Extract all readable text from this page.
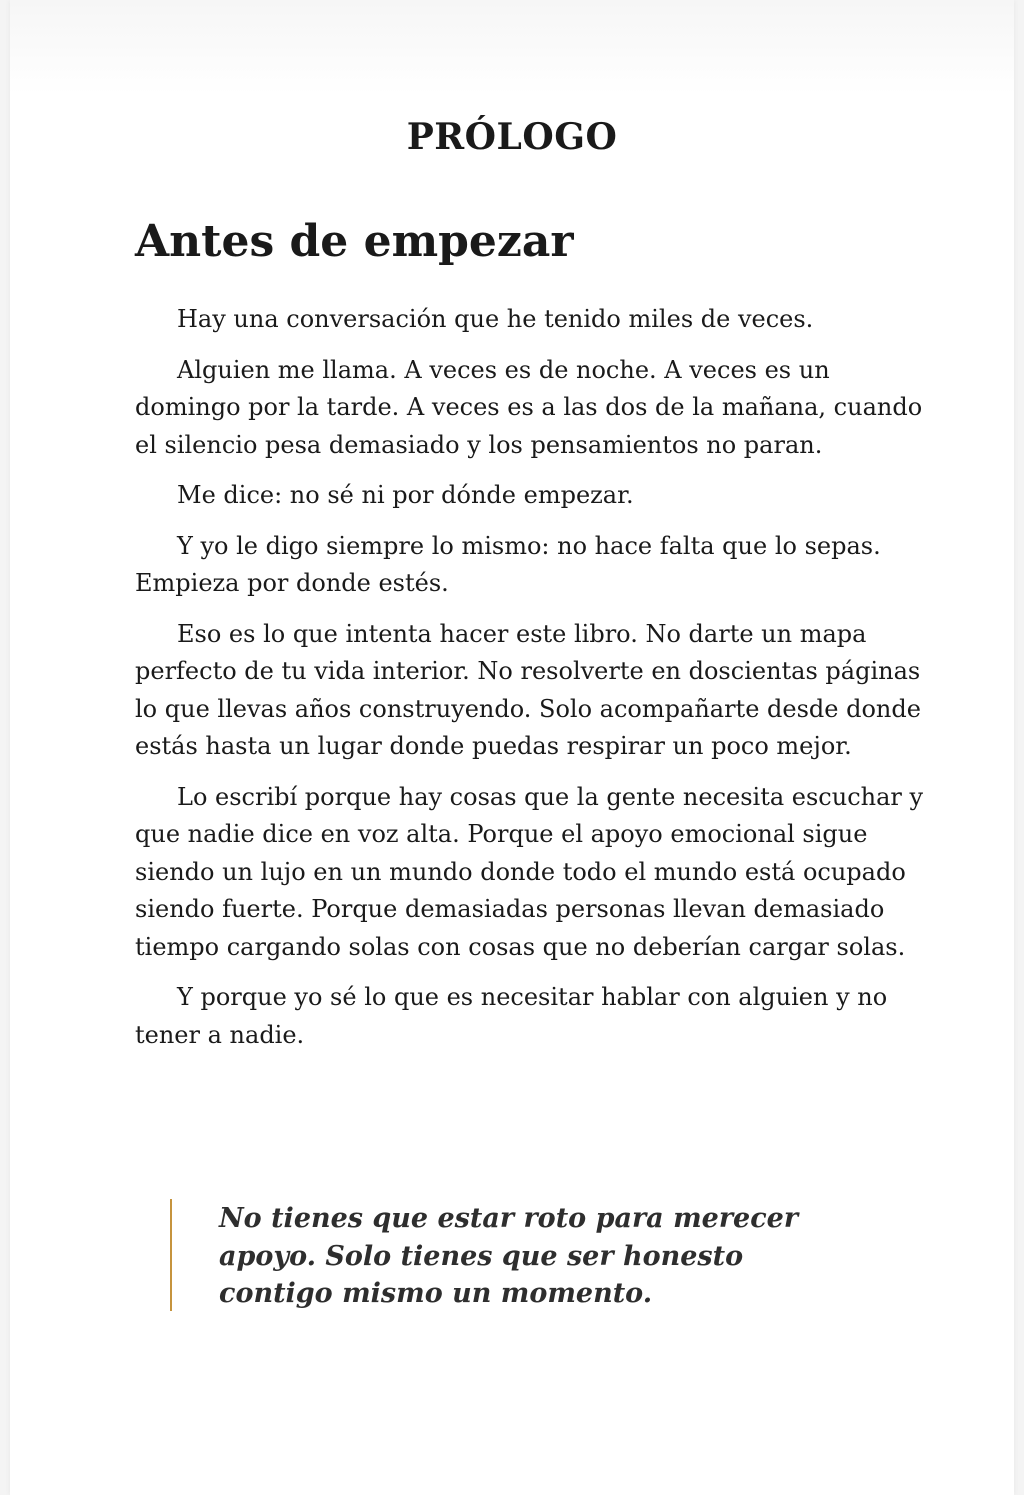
PRÓLOGO
Antes de empezar

Hay una conversación que he tenido miles de veces.

Alguien me llama. A veces es de noche. A veces es un domingo por la tarde. A veces es a las dos de la mañana, cuando el silencio pesa demasiado y los pensamientos no paran.

Me dice: no sé ni por dónde empezar.

Y yo le digo siempre lo mismo: no hace falta que lo sepas. Empieza por donde estés.

Eso es lo que intenta hacer este libro. No darte un mapa perfecto de tu vida interior. No resolverte en doscientas páginas lo que llevas años construyendo. Solo acompañarte desde donde estás hasta un lugar donde puedas respirar un poco mejor.

Lo escribí porque hay cosas que la gente necesita escuchar y que nadie dice en voz alta. Porque el apoyo emocional sigue siendo un lujo en un mundo donde todo el mundo está ocupado siendo fuerte. Porque demasiadas personas llevan demasiado tiempo cargando solas con cosas que no deberían cargar solas.

Y porque yo sé lo que es necesitar hablar con alguien y no tener a nadie.

No tienes que estar roto para merecer apoyo. Solo tienes que ser honesto contigo mismo un momento.
